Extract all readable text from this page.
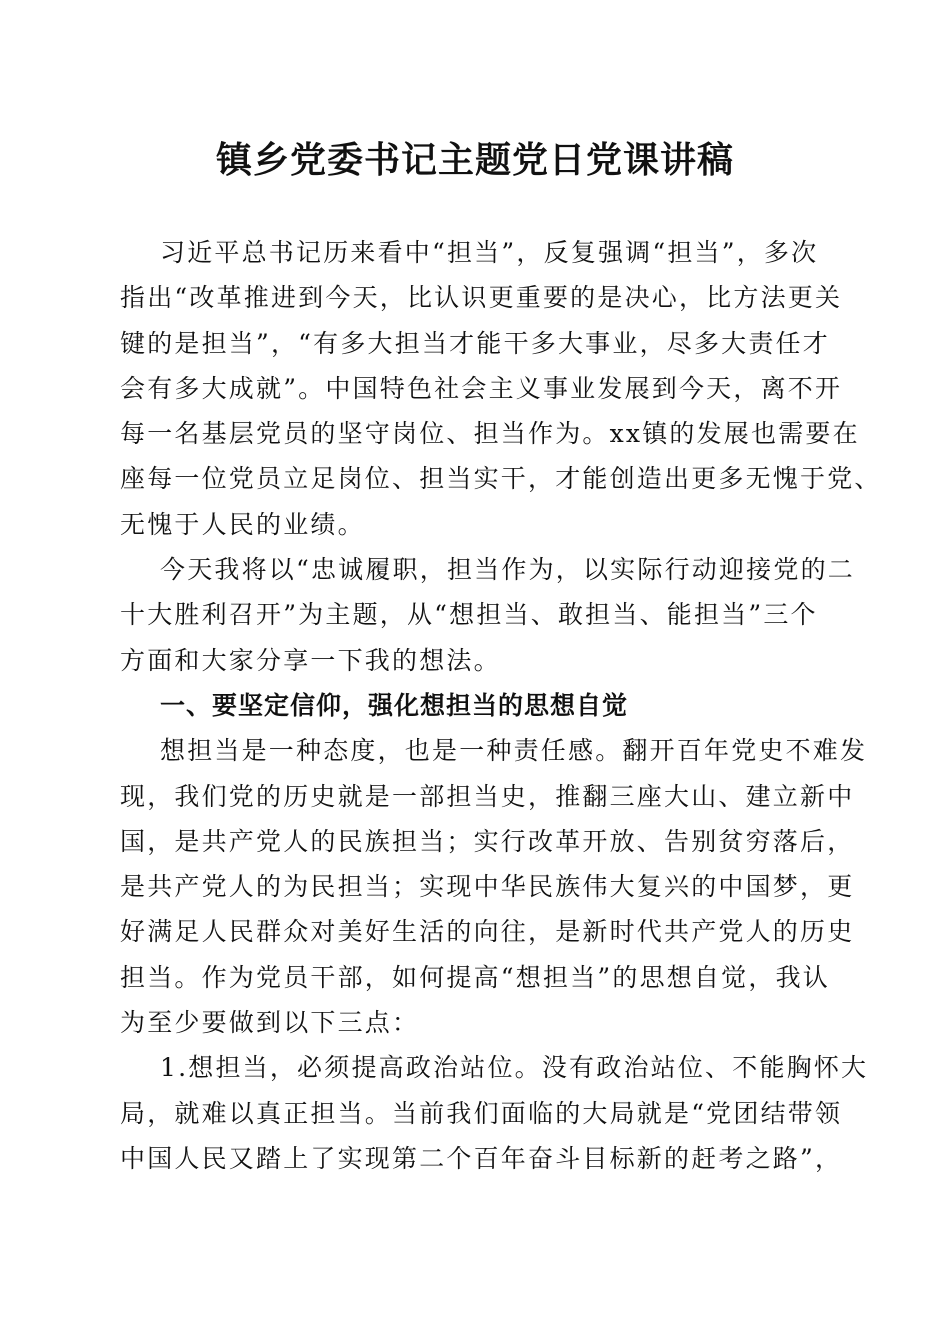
镇乡党委书记主题党日党课讲稿
习近平总书记历来看中“担当”，反复强调“担当”，多次
指出“改革推进到今天，比认识更重要的是决心，比方法更关
键的是担当”，“有多大担当才能干多大事业，尽多大责任才
会有多大成就”。中国特色社会主义事业发展到今天，离不开
每一名基层党员的坚守岗位、担当作为。xx镇的发展也需要在
座每一位党员立足岗位、担当实干，才能创造出更多无愧于党、
无愧于人民的业绩。
今天我将以“忠诚履职，担当作为，以实际行动迎接党的二
十大胜利召开”为主题，从“想担当、敢担当、能担当”三个
方面和大家分享一下我的想法。
一、要坚定信仰，强化想担当的思想自觉
想担当是一种态度，也是一种责任感。翻开百年党史不难发
现，我们党的历史就是一部担当史，推翻三座大山、建立新中
国，是共产党人的民族担当；实行改革开放、告别贫穷落后，
是共产党人的为民担当；实现中华民族伟大复兴的中国梦，更
好满足人民群众对美好生活的向往，是新时代共产党人的历史
担当。作为党员干部，如何提高“想担当”的思想自觉，我认
为至少要做到以下三点：
1.想担当，必须提高政治站位。没有政治站位、不能胸怀大
局，就难以真正担当。当前我们面临的大局就是“党团结带领
中国人民又踏上了实现第二个百年奋斗目标新的赶考之路”，
